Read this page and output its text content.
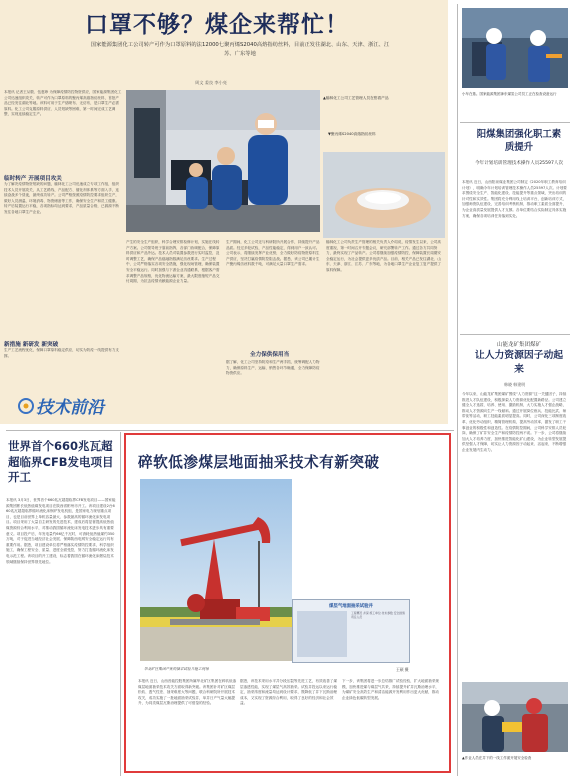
口罩不够？煤企来帮忙！
国家能源集团化工公司转产可作为口罩原料的法12000七聚丙烯S2040高熔指纺丝料，目前正发往湖北、山东、天津、浙江、江苏、广东等地
周文 姜良 李小亮
▲榆林化工公司工艺管理人员在察看产品
▼聚丙烯S2040高熔指纺丝料
本报讯 记者王从敬、伍惠珍 为保障疫情防控物资供应，国家能源集团化工公司迅速组织攻关，转产可作为口罩原料的聚丙烯高熔指纺丝料，首批产品已经发往湖北等地。该料可用于生产熔喷布、无纺布，是口罩生产必需原料。化工公司克服原料供应、人员短缺等困难，第一时间完成工艺调整，实现连续稳定生产。
临时转产 开展项目攻关
为了解决疫情物资短缺的问题，榆林化工公司迅速成立专项工作组，组织技术人员开展攻关，从工艺路线、产品配方、催化剂体系等方面入手，连续奋战多个昼夜，最终成功转产。公司严格按照疫情防控要求组织生产，做好人员测温、环境消毒、物资储备等工作，确保安全生产和员工健康。转产后装置运行平稳，各项指标均达到要求，产品质量合格，已源源不断发往各地口罩生产企业。
新措施 新研发 新突破
生产工艺流程优化，保障口罩原料稳定供应，切实为防疫一线提供有力支撑。
技术前沿
产生的安全生产组织，科学合理安排检修计划，实施在线转产方案。公司领导班子靠前指挥，各部门协调配合，保障原料供应和产品外运。技术人员对装置参数进行实时监控，及时调整工艺，确保产品熔融指数满足纺丝要求。生产过程中，公司严格落实各项安全措施，强化现场管理，确保装置安全平稳运行。同时加强与下游企业沟通联系，根据客户需求调整产品规格，优化物流运输方案，最大限度缩短产品交付周期，为抗击疫情贡献能源企业力量。
生产期间，化工公司还与科研院所开展合作，持续提升产品品质。经过多轮试验，产品性能稳定，得到用户一致认可。公司表示，将继续发挥产业优势，全力做好防疫物资原料生产供应，坚决打赢疫情防控阻击战。据悉，该公司已累计生产聚丙烯纺丝料数千吨，可满足大量口罩生产需求。
全力保供保用当
据了解，化工公司坚持防疫和生产两手抓，统筹调配人力物力，确保原料生产、运输、销售各环节畅通，全力保障防疫物资供应。
榆林化工公司负责生产管理的相关负责人介绍说，疫情发生以来，公司高度重视，第一时间召开专题会议，研究部署转产工作。通过各方共同努力，最终实现了产品转产。公司将继续加强疫情防控，保障装置长周期安全稳定运行，为社会提供更多优质产品。目前，相关产品已发往湖北、山东、天津、浙江、江苏、广东等地，为各地口罩生产企业复工复产提供了原料保障。
小车在基。国家能源集团神东煤炭公司员工正在检查设备运行
阳煤集团强化职工素质提升
今年计划培训管理技术操作人员25597人次
本报讯 近日，山西阳泉煤业集团公司制定《2020年职工教育培训计划》，明确今年计划培训管理技术操作人员25597人次。计划要求围绕安全生产、智能化建设、技能提升等重点领域，突出培训的针对性和实效性。集团将充分利用线上培训平台，创新培训方式，加强师资队伍建设，完善培训考核机制，推动职工素质全面提升，为企业高质量发展提供人才支撑。各单位要结合实际制定具体实施方案，确保各项培训任务落到实处。
山能龙矿集团煤矿
让人力资源因子动起来
韩晓 韩建明
今年以来，山能龙矿集团煤矿围绕“人力资源”这一关键因子，持续推进人才队伍建设，积极探索人力资源优化配置新路径。公司建立健全人才选拔、培养、使用、激励机制，大力实施人才强企战略，推动人才资源向生产一线倾斜。通过开展岗位练兵、技能比武、师带徒等活动，职工技能素质明显提高。同时，公司深化三项制度改革，优化劳动组织，精简管理机构，提高劳动效率，激发了职工干事创业的积极性和创造性。在疫情防控期间，公司科学安排人员轮岗，确保了矿井安全生产和疫情防控两不误。下一步，公司将继续加大人才培养力度，加快推进智能化矿山建设，为企业转型发展提供坚强人才保障，切实让人力资源因子动起来、活起来，不断增强企业发展内生动力。
▲作业人员在井下的一线工作面开展安全检查
世界首个660兆瓦超超临界CFB发电项目开工
本报讯 3月3日，世界首个660兆瓦超超临界CFB发电项目——国家能源集团彬长低热值煤发电项目在陕西省彬州市开工。该项目建设2台660兆瓦超超临界循环流化床锅炉发电机组，是国家电力规划重点项目，也是目前世界上单机容量最大、参数最高的循环流化床发电项目。项目采用了大量自主研发的先进技术，建成后将显著提高低热值煤资源综合利用水平，对推动我国循环流化床发电技术进步具有重要意义。项目投产后，年发电量约66亿千瓦时，可消耗低热值煤约350万吨，对于促进当地经济社会发展、保障陕西电网安全稳定运行具有重要作用。据悉，项目建设单位将严格落实疫情防控要求，科学组织施工，确保工程安全、质量、进度全面受控，努力打造循环流化床发电示范工程。该项目的开工建设，标志着我国在循环流化床燃烧技术领域继续保持世界领先地位。
碎软低渗煤层地面抽采技术有新突破
煤层气地面抽采试验井
工程概况 井深 施工单位 技术参数 安全措施 责任人员
华北矿区集团产优的抽采试验井施工现场	王硕 摄
本报讯 近日，山西晋能控股集团所属华北矿区集团在碎软低渗煤层地面抽采技术攻关方面取得新突破。该集团针对矿区煤层松软、透气性差、抽采难度大等问题，联合科研院所开展技术攻关，成功实施了一批地面抽采试验井，单井日产气量大幅提升，为同类煤层瓦斯治理提供了可借鉴的经验。
据悉，该技术采用水平井分段压裂等先进工艺，有效改善了煤层渗透性能，实现了煤层气高效抽采。试验井投运以来运行稳定，抽采浓度和流量均达到设计要求，既降低了井下瓦斯治理成本，又实现了资源综合利用，取得了良好的经济和社会效益。
下一步，该集团将进一步总结推广试验经验，扩大地面抽采规模，加快推进煤与煤层气共采，持续提升矿井瓦斯治理水平，为煤矿安全高效生产和清洁能源开发利用作出更大贡献，推动企业绿色低碳转型发展。
